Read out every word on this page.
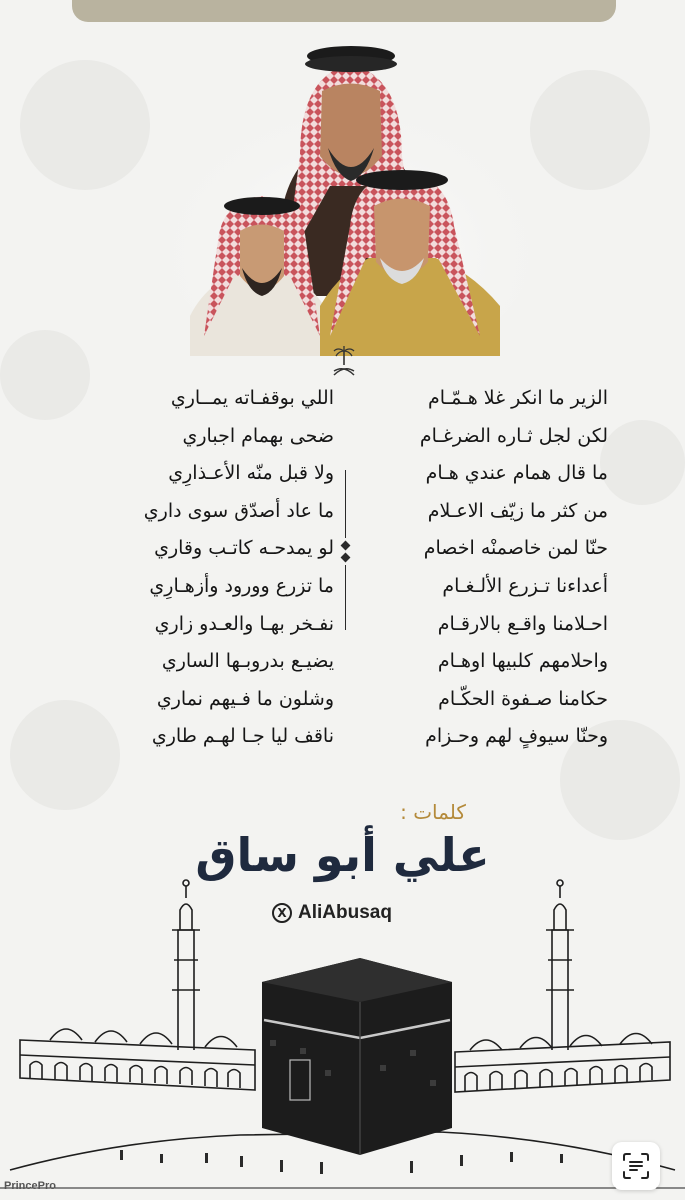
الزير ما انكر غلا هـمّـام
لكن لجل ثـاره الضرغـام
ما قال همام عندي هـام
من كثر ما زيّف الاعـلام
حنّا لمن خاصمنْه اخصام
أعداءنا تـزرع الألـغـام
احـلامنا واقـع بالارقـام
واحلامهم كلبيها اوهـام
حكامنا صـفوة الحكّـام
وحنّا سيوفٍ لهم وحـزام
اللي بوقفـاته يمــاري
ضحى بهمام اجباري
ولا قبل منّه الأعـذارِي
ما عاد أصدّق سوى داري
لو يمدحـه كاتـب وقاري
ما تزرع وورود وأزهـارِي
نفـخر بهـا والعـدو زاري
يضيـع بدروبـها الساري
وشلون ما فـيهم نماري
ناقف ليا جـا لهـم طاري
كلمات :
علي أبو ساق
X AliAbusaq
PrincePro
